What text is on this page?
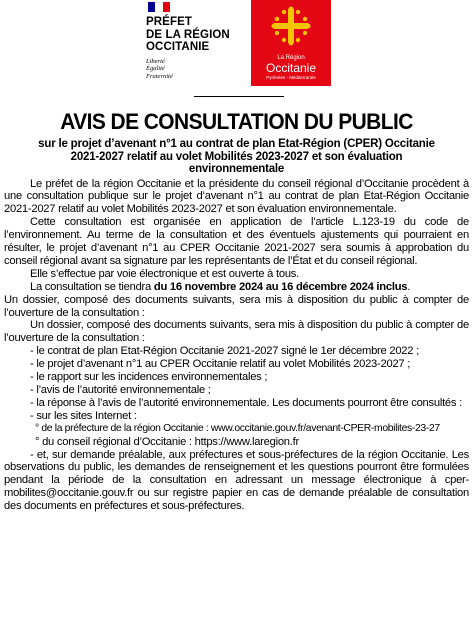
PRÉFET
DE LA RÉGION
OCCITANIE
Liberté
Égalité
Fraternité
La Région
Occitanie
Pyrénées - Méditerranée
AVIS DE CONSULTATION DU PUBLIC
sur le projet d’avenant n°1 au contrat de plan Etat-Région (CPER) Occitanie 2021-2027 relatif au volet Mobilités 2023-2027 et son évaluation environnementale

Le préfet de la région Occitanie et la présidente du conseil régional d’Occitanie procèdent à une consultation publique sur le projet d’avenant n°1 au contrat de plan Etat-Région Occitanie 2021-2027 relatif au volet Mobilités 2023-2027 et son évaluation environnementale.

Cette consultation est organisée en application de l’article L.123-19 du code de l’environnement. Au terme de la consultation et des éventuels ajustements qui pourraient en résulter, le projet d’avenant n°1 au CPER Occitanie 2021-2027 sera soumis à approbation du conseil régional avant sa signature par les représentants de l’État et du conseil régional.

Elle s’effectue par voie électronique et est ouverte à tous.

La consultation se tiendra du 16 novembre 2024 au 16 décembre 2024 inclus.

Un dossier, composé des documents suivants, sera mis à disposition du public à compter de l’ouverture de la consultation :

Un dossier, composé des documents suivants, sera mis à disposition du public à compter de l’ouverture de la consultation :

- le contrat de plan Etat-Région Occitanie 2021-2027 signé le 1er décembre 2022 ;

- le projet d’avenant n°1 au CPER Occitanie relatif au volet Mobilités 2023-2027 ;

- le rapport sur les incidences environnementales ;

- l’avis de l’autorité environnementale ;

- la réponse à l’avis de l’autorité environnementale. Les documents pourront être consultés :

- sur les sites Internet :

° de la préfecture de la région Occitanie : www.occitanie.gouv.fr/avenant-CPER-mobilites-23-27

° du conseil régional d’Occitanie : https://www.laregion.fr

- et, sur demande préalable, aux préfectures et sous-préfectures de la région Occitanie. Les observations du public, les demandes de renseignement et les questions pourront être formulées pendant la période de la consultation en adressant un message électronique à cper-mobilites@occitanie.gouv.fr ou sur registre papier en cas de demande préalable de consultation des documents en préfectures et sous-préfectures.
